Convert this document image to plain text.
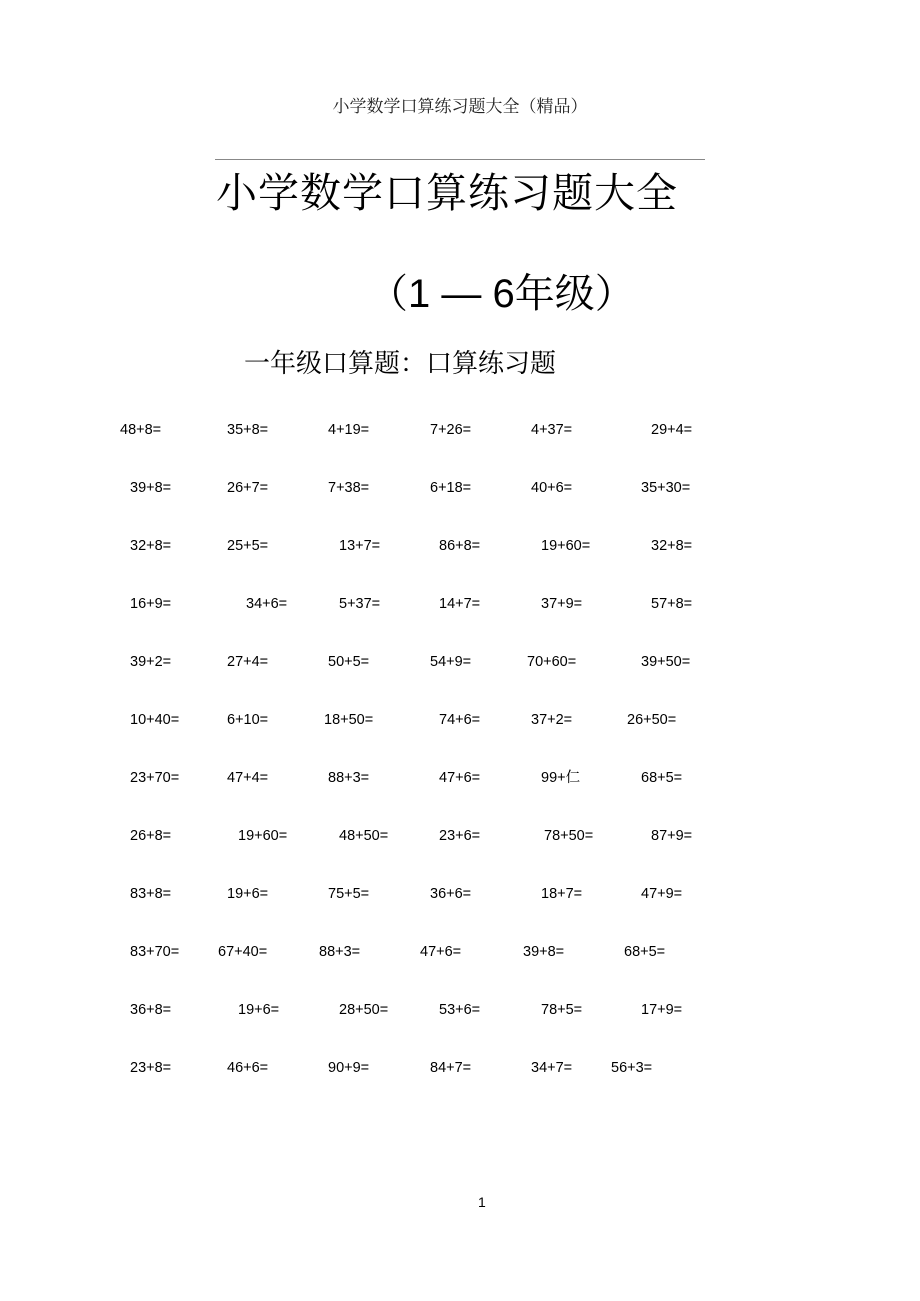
小学数学口算练习题大全（精品）
小学数学口算练习题大全
（1 — 6年级）
一年级口算题：口算练习题
48+8=	35+8=	4+19=	7+26=	4+37=	29+4=
39+8=	26+7=	7+38=	6+18=	40+6=	35+30=
32+8=	25+5=	13+7=	86+8=	19+60=	32+8=
16+9=	34+6=	5+37=	14+7=	37+9=	57+8=
39+2=	27+4=	50+5=	54+9=	70+60=	39+50=
10+40=	6+10=	18+50=	74+6=	37+2=	26+50=
23+70=	47+4=	88+3=	47+6=	99+仁	68+5=
26+8=	19+60=	48+50=	23+6=	78+50=	87+9=
83+8=	19+6=	75+5=	36+6=	18+7=	47+9=
83+70=	67+40=	88+3=	47+6=	39+8=	68+5=
36+8=	19+6=	28+50=	53+6=	78+5=	17+9=
23+8=	46+6=	90+9=	84+7=	34+7=	56+3=
1
